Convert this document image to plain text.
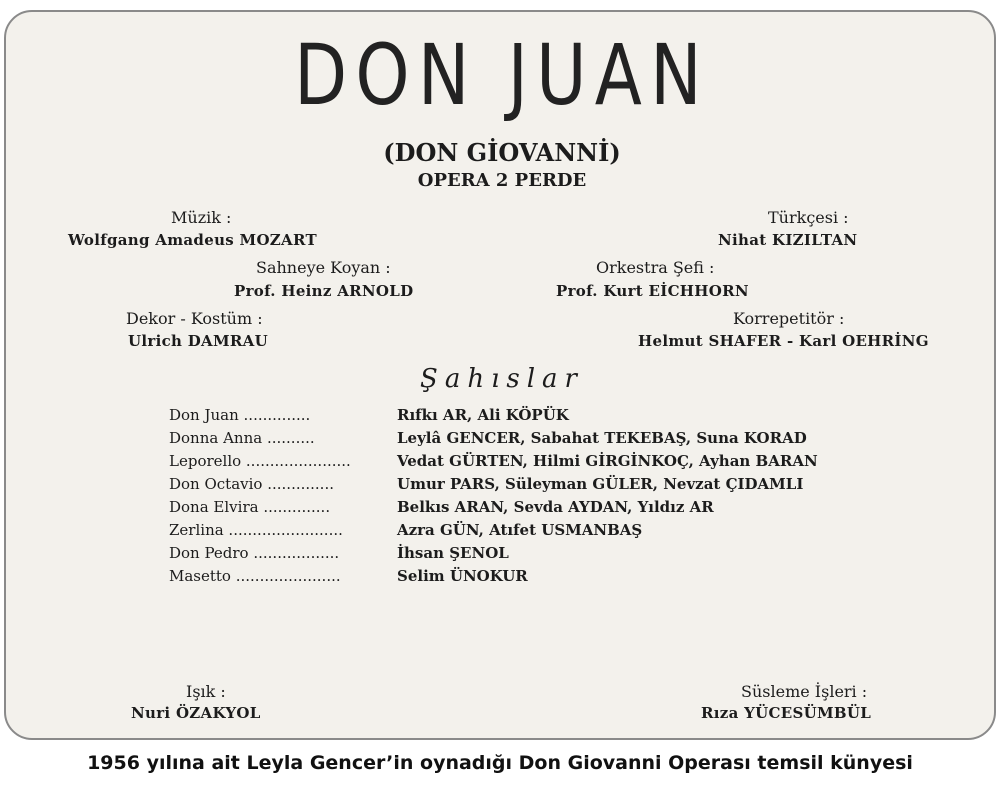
DON JUAN
(DON GİOVANNİ)
OPERA 2 PERDE
Müzik :
Wolfgang Amadeus MOZART
Türkçesi :
Nihat KIZILTAN
Sahneye Koyan :
Prof. Heinz ARNOLD
Orkestra Şefi :
Prof. Kurt EİCHHORN
Dekor - Kostüm :
Ulrich DAMRAU
Korrepetitör :
Helmut SHAFER - Karl OEHRİNG
Şahıslar
Don Juan ..............	Rıfkı AR, Ali KÖPÜK
Donna Anna ..........	Leylâ GENCER, Sabahat TEKEBAŞ, Suna KORAD
Leporello ......................	Vedat GÜRTEN, Hilmi GİRGİNKOÇ, Ayhan BARAN
Don Octavio ..............	Umur PARS, Süleyman GÜLER, Nevzat ÇIDAMLI
Dona Elvira ..............	Belkıs ARAN, Sevda AYDAN, Yıldız AR
Zerlina ........................	Azra GÜN, Atıfet USMANBAŞ
Don Pedro ..................	İhsan ŞENOL
Masetto ......................	Selim ÜNOKUR
Işık :
Nuri ÖZAKYOL
Süsleme İşleri :
Rıza YÜCESÜMBÜL
1956 yılına ait Leyla Gencer’in oynadığı Don Giovanni Operası temsil künyesi
